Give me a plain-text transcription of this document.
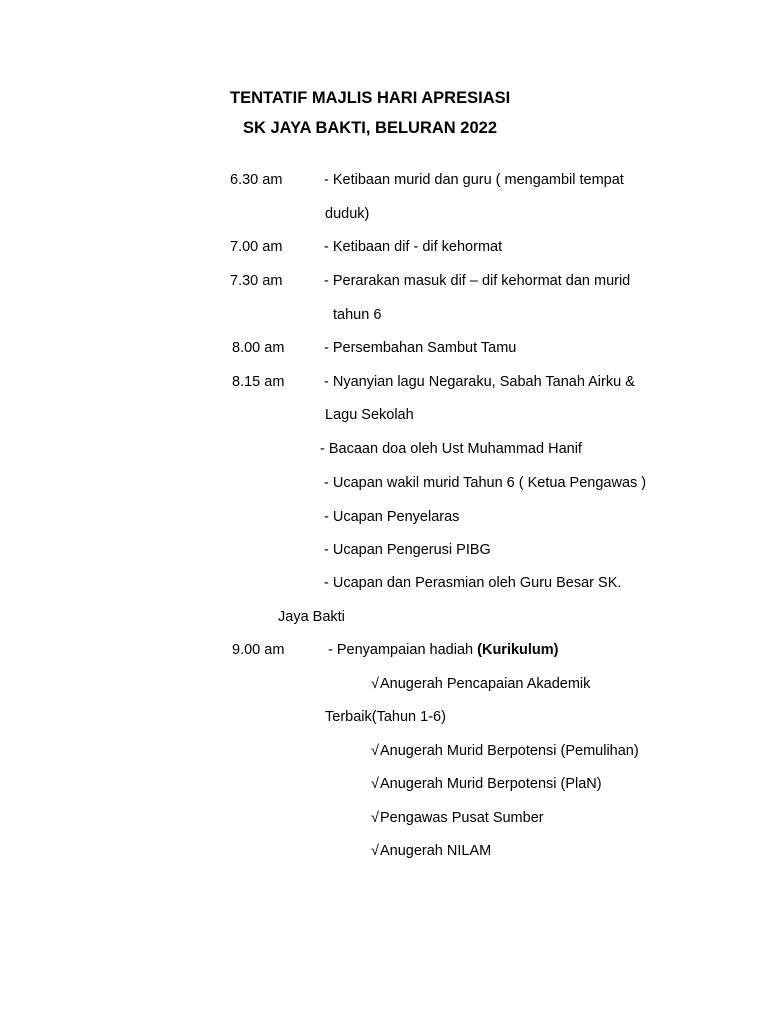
TENTATIF MAJLIS HARI APRESIASI
SK JAYA BAKTI, BELURAN 2022
6.30 am	- Ketibaan murid dan guru ( mengambil tempat
duduk)
7.00 am	- Ketibaan dif - dif kehormat
7.30 am	- Perarakan masuk dif – dif kehormat dan murid
tahun 6
8.00 am	- Persembahan Sambut Tamu
8.15 am	- Nyanyian lagu Negaraku, Sabah Tanah Airku &
Lagu Sekolah
- Bacaan doa oleh Ust Muhammad Hanif
- Ucapan wakil murid Tahun 6 ( Ketua Pengawas )
- Ucapan Penyelaras
- Ucapan Pengerusi PIBG
- Ucapan dan Perasmian oleh Guru Besar SK.
Jaya Bakti
9.00 am	- Penyampaian hadiah (Kurikulum)
√Anugerah Pencapaian Akademik
Terbaik(Tahun 1-6)
√Anugerah Murid Berpotensi (Pemulihan)
√Anugerah Murid Berpotensi (PlaN)
√Pengawas Pusat Sumber
√Anugerah NILAM
